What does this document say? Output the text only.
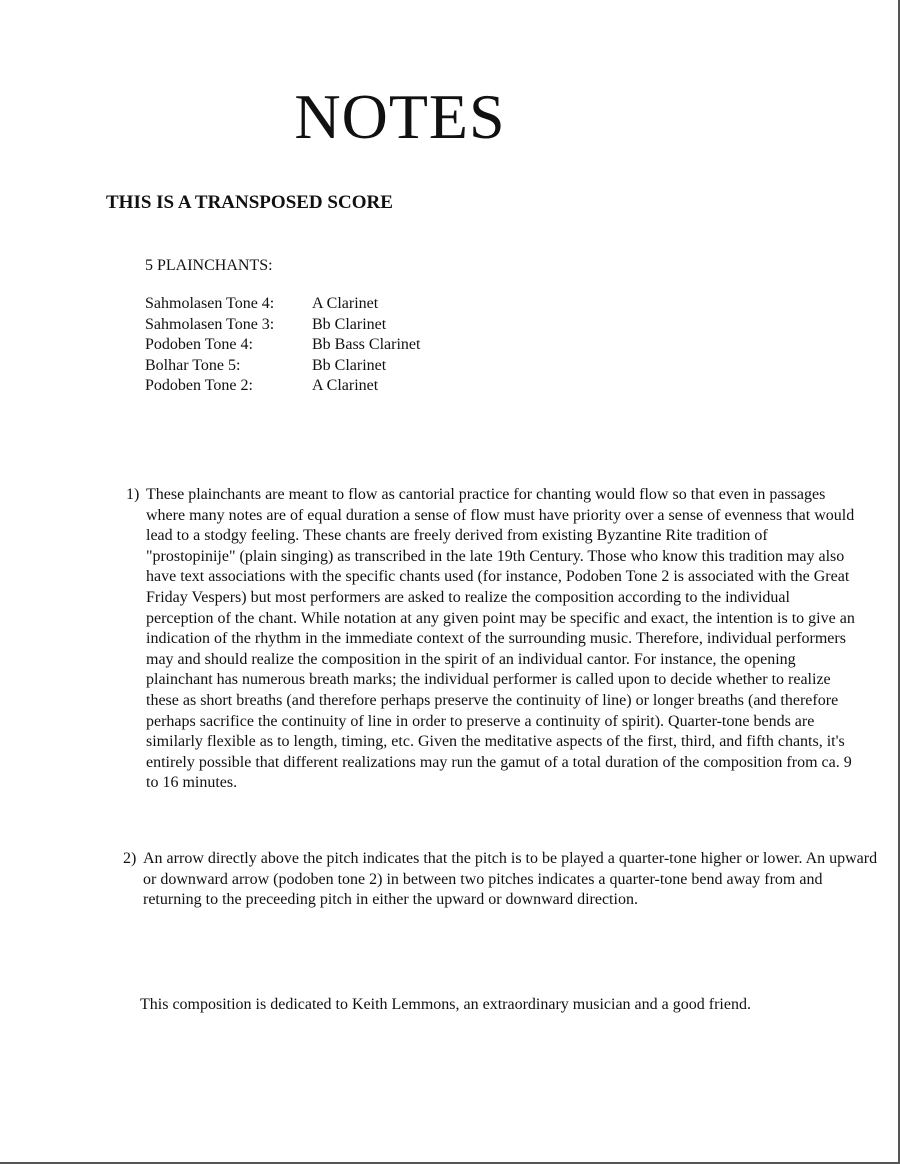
NOTES
THIS IS A TRANSPOSED SCORE
5 PLAINCHANTS:
Sahmolasen Tone 4:	A Clarinet
Sahmolasen Tone 3:	Bb Clarinet
Podoben Tone 4:	Bb Bass Clarinet
Bolhar Tone 5:	Bb Clarinet
Podoben Tone 2:	A Clarinet
1) These plainchants are meant to flow as cantorial practice for chanting would flow so that even in passages where many notes are of equal duration a sense of flow must have priority over a sense of evenness that would lead to a stodgy feeling. These chants are freely derived from existing Byzantine Rite tradition of "prostopinije" (plain singing) as transcribed in the late 19th Century. Those who know this tradition may also have text associations with the specific chants used (for instance, Podoben Tone 2 is associated with the Great Friday Vespers) but most performers are asked to realize the composition according to the individual perception of the chant. While notation at any given point may be specific and exact, the intention is to give an indication of the rhythm in the immediate context of the surrounding music. Therefore, individual performers may and should realize the composition in the spirit of an individual cantor. For instance, the opening plainchant has numerous breath marks; the individual performer is called upon to decide whether to realize these as short breaths (and therefore perhaps preserve the continuity of line) or longer breaths (and therefore perhaps sacrifice the continuity of line in order to preserve a continuity of spirit). Quarter-tone bends are similarly flexible as to length, timing, etc. Given the meditative aspects of the first, third, and fifth chants, it's entirely possible that different realizations may run the gamut of a total duration of the composition from ca. 9 to 16 minutes.

2) An arrow directly above the pitch indicates that the pitch is to be played a quarter-tone higher or lower. An upward or downward arrow (podoben tone 2) in between two pitches indicates a quarter-tone bend away from and returning to the preceeding pitch in either the upward or downward direction.

This composition is dedicated to Keith Lemmons, an extraordinary musician and a good friend.
